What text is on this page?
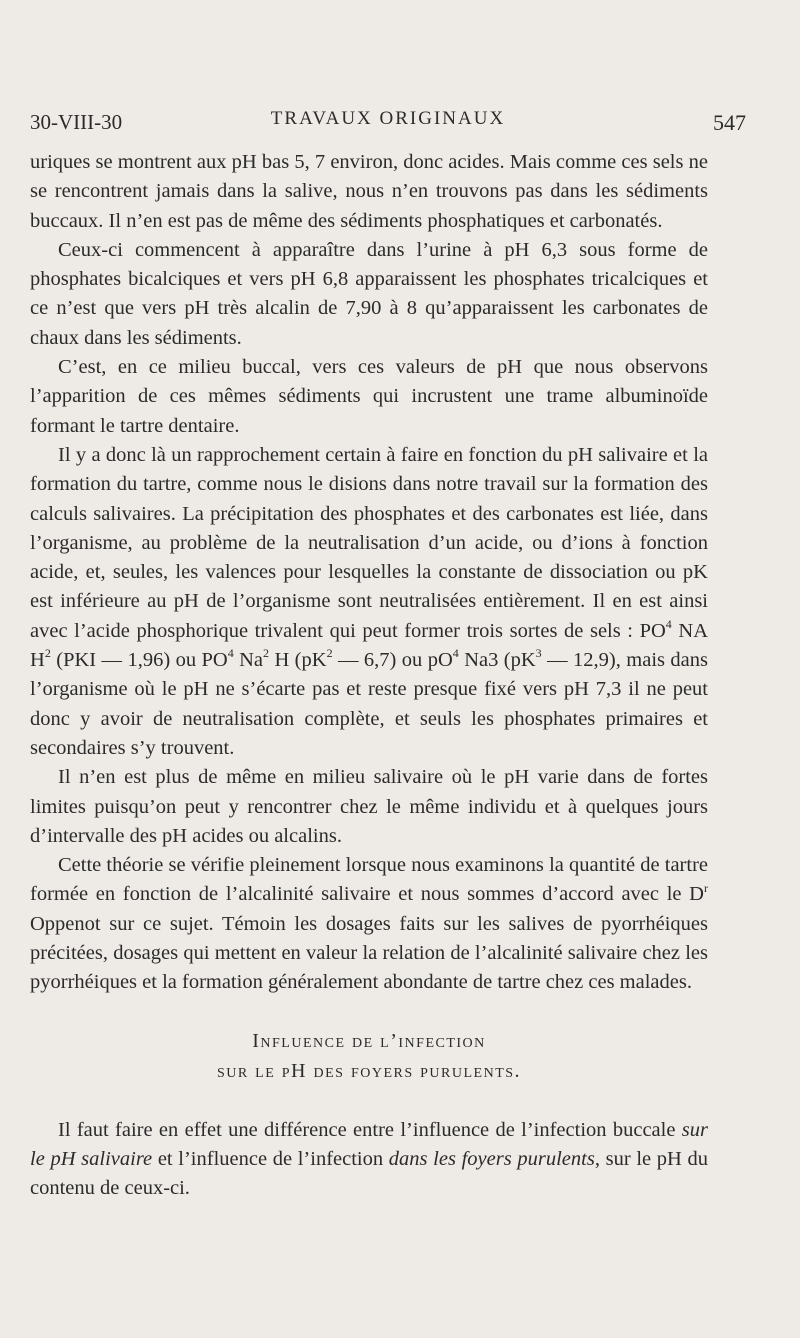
30-VIII-30	TRAVAUX ORIGINAUX	547

uriques se montrent aux pH bas 5, 7 environ, donc acides. Mais comme ces sels ne se rencontrent jamais dans la salive, nous n’en trouvons pas dans les sédiments buccaux. Il n’en est pas de même des sédiments phosphatiques et carbonatés.

Ceux-ci commencent à apparaître dans l’urine à pH 6,3 sous forme de phosphates bicalciques et vers pH 6,8 apparaissent les phosphates tricalciques et ce n’est que vers pH très alcalin de 7,90 à 8 qu’apparaissent les carbonates de chaux dans les sédiments.

C’est, en ce milieu buccal, vers ces valeurs de pH que nous observons l’apparition de ces mêmes sédiments qui incrustent une trame albuminoïde formant le tartre dentaire.

Il y a donc là un rapprochement certain à faire en fonction du pH salivaire et la formation du tartre, comme nous le disions dans notre travail sur la formation des calculs salivaires. La précipitation des phosphates et des carbonates est liée, dans l’organisme, au problème de la neutralisation d’un acide, ou d’ions à fonction acide, et, seules, les valences pour lesquelles la constante de dissociation ou pK est inférieure au pH de l’organisme sont neutralisées entièrement. Il en est ainsi avec l’acide phosphorique trivalent qui peut former trois sortes de sels : $PO^4$ NA $H^2$ (PKI — 1,96) ou $PO^4$ Na$^2$ H ($pK^2$ — 6,7) ou $pO^4$ Na3 ($pK^3$ — 12,9), mais dans l’organisme où le pH ne s’écarte pas et reste presque fixé vers pH 7,3 il ne peut donc y avoir de neutralisation complète, et seuls les phosphates primaires et secondaires s’y trouvent.

Il n’en est plus de même en milieu salivaire où le pH varie dans de fortes limites puisqu’on peut y rencontrer chez le même individu et à quelques jours d’intervalle des pH acides ou alcalins.

Cette théorie se vérifie pleinement lorsque nous examinons la quantité de tartre formée en fonction de l’alcalinité salivaire et nous sommes d’accord avec le $D^r$ Oppenot sur ce sujet. Témoin les dosages faits sur les salives de pyorrhéiques précitées, dosages qui mettent en valeur la relation de l’alcalinité salivaire chez les pyorrhéiques et la formation généralement abondante de tartre chez ces malades.

Influence de l’infection
sur le pH des foyers purulents.

Il faut faire en effet une différence entre l’influence de l’infection buccale sur le pH salivaire et l’influence de l’infection dans les foyers purulents, sur le pH du contenu de ceux-ci.
